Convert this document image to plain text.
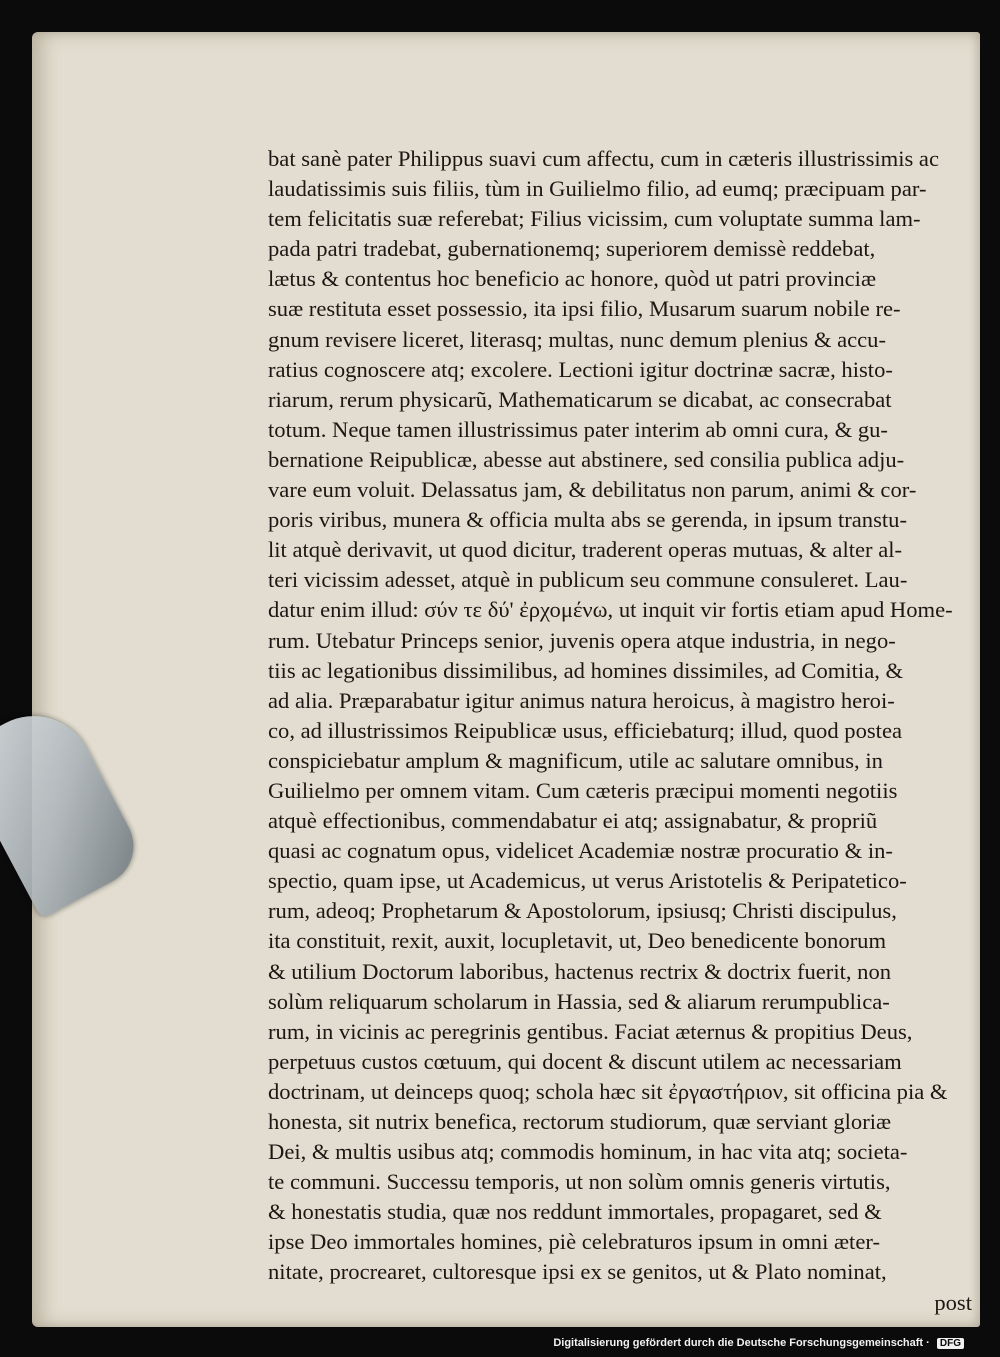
bat sanè pater Philippus suavi cum affectu, cum in cæteris illustrissimis ac
laudatissimis suis filiis, tùm in Guilielmo filio, ad eumq; præcipuam par-
tem felicitatis suæ referebat; Filius vicissim, cum voluptate summa lam-
pada patri tradebat, gubernationemq; superiorem demissè reddebat,
lætus & contentus hoc beneficio ac honore, quòd ut patri provinciæ
suæ restituta esset possessio, ita ipsi filio, Musarum suarum nobile re-
gnum revisere liceret, literasq; multas, nunc demum plenius & accu-
ratius cognoscere atq; excolere. Lectioni igitur doctrinæ sacræ, histo-
riarum, rerum physicarũ, Mathematicarum se dicabat, ac consecrabat
totum. Neque tamen illustrissimus pater interim ab omni cura, & gu-
bernatione Reipublicæ, abesse aut abstinere, sed consilia publica adju-
vare eum voluit. Delassatus jam, & debilitatus non parum, animi & cor-
poris viribus, munera & officia multa abs se gerenda, in ipsum transtu-
lit atquè derivavit, ut quod dicitur, traderent operas mutuas, & alter al-
teri vicissim adesset, atquè in publicum seu commune consuleret. Lau-
datur enim illud: σύν τε δύ' ἐρχομένω, ut inquit vir fortis etiam apud Home-
rum. Utebatur Princeps senior, juvenis opera atque industria, in nego-
tiis ac legationibus dissimilibus, ad homines dissimiles, ad Comitia, &
ad alia. Præparabatur igitur animus natura heroicus, à magistro heroi-
co, ad illustrissimos Reipublicæ usus, efficiebaturq; illud, quod postea
conspiciebatur amplum & magnificum, utile ac salutare omnibus, in
Guilielmo per omnem vitam. Cum cæteris præcipui momenti negotiis
atquè effectionibus, commendabatur ei atq; assignabatur, & propriũ
quasi ac cognatum opus, videlicet Academiæ nostræ procuratio & in-
spectio, quam ipse, ut Academicus, ut verus Aristotelis & Peripatetico-
rum, adeoq; Prophetarum & Apostolorum, ipsiusq; Christi discipulus,
ita constituit, rexit, auxit, locupletavit, ut, Deo benedicente bonorum
& utilium Doctorum laboribus, hactenus rectrix & doctrix fuerit, non
solùm reliquarum scholarum in Hassia, sed & aliarum rerumpublica-
rum, in vicinis ac peregrinis gentibus. Faciat æternus & propitius Deus,
perpetuus custos cœtuum, qui docent & discunt utilem ac necessariam
doctrinam, ut deinceps quoq; schola hæc sit ἐργαστήριον, sit officina pia &
honesta, sit nutrix benefica, rectorum studiorum, quæ serviant gloriæ
Dei, & multis usibus atq; commodis hominum, in hac vita atq; societa-
te communi. Successu temporis, ut non solùm omnis generis virtutis,
& honestatis studia, quæ nos reddunt immortales, propagaret, sed &
ipse Deo immortales homines, piè celebraturos ipsum in omni æter-
nitate, procrearet, cultoresque ipsi ex se genitos, ut & Plato nominat,
post
Digitalisierung gefördert durch die Deutsche Forschungsgemeinschaft · DFG
